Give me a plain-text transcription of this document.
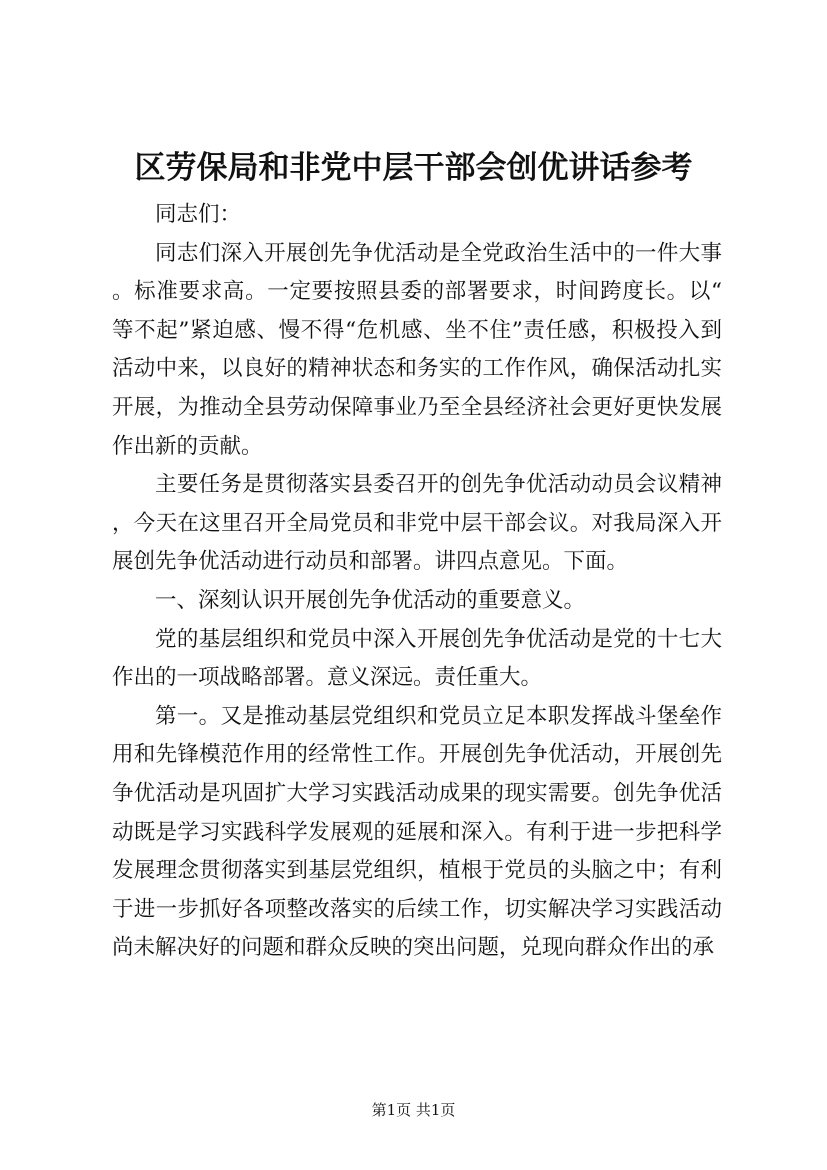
区劳保局和非党中层干部会创优讲话参考

同志们：

同志们深入开展创先争优活动是全党政治生活中的一件大事。标准要求高。一定要按照县委的部署要求，时间跨度长。以“等不起”紧迫感、慢不得“危机感、坐不住”责任感，积极投入到活动中来，以良好的精神状态和务实的工作作风，确保活动扎实开展，为推动全县劳动保障事业乃至全县经济社会更好更快发展作出新的贡献。

主要任务是贯彻落实县委召开的创先争优活动动员会议精神，今天在这里召开全局党员和非党中层干部会议。对我局深入开展创先争优活动进行动员和部署。讲四点意见。下面。

一、深刻认识开展创先争优活动的重要意义。

党的基层组织和党员中深入开展创先争优活动是党的十七大作出的一项战略部署。意义深远。责任重大。

第一。又是推动基层党组织和党员立足本职发挥战斗堡垒作用和先锋模范作用的经常性工作。开展创先争优活动，开展创先争优活动是巩固扩大学习实践活动成果的现实需要。创先争优活动既是学习实践科学发展观的延展和深入。有利于进一步把科学发展理念贯彻落实到基层党组织，植根于党员的头脑之中；有利于进一步抓好各项整改落实的后续工作，切实解决学习实践活动尚未解决好的问题和群众反映的突出问题，兑现向群众作出的承

第1页 共1页
